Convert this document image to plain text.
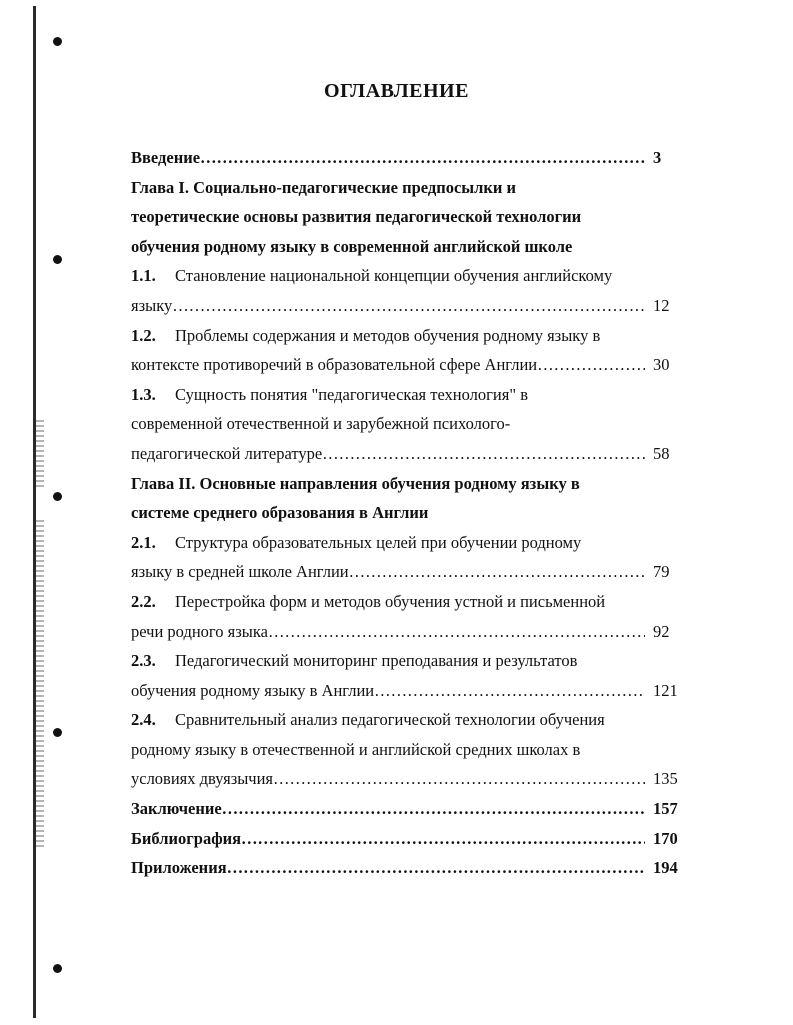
ОГЛАВЛЕНИЕ
Введение …………………………………………………………………………………………………………………………………………………………	3
Глава I. Социально-педагогические предпосылки и
теоретические основы развития педагогической технологии
обучения родному языку в современной английской школе
1.1. Становление национальной концепции обучения английскому
языку …………………………………………………………………………………………………………………………………………………………	12
1.2. Проблемы содержания и методов обучения родному языку в
контексте противоречий в образовательной сфере Англии …………………………………………………………………………………………………………………………………………………………	30
1.3. Сущность понятия "педагогическая технология" в
современной отечественной и зарубежной психолого-
педагогической литературе …………………………………………………………………………………………………………………………………………………………	58
Глава II. Основные направления обучения родному языку в
системе среднего образования в Англии
2.1. Структура образовательных целей при обучении родному
языку в средней школе Англии …………………………………………………………………………………………………………………………………………………………	79
2.2. Перестройка форм и методов обучения устной и письменной
речи родного языка …………………………………………………………………………………………………………………………………………………………	92
2.3. Педагогический мониторинг преподавания и результатов
обучения родному языку в Англии …………………………………………………………………………………………………………………………………………………………	121
2.4. Сравнительный анализ педагогической технологии обучения
родному языку в отечественной и английской средних школах в
условиях двуязычия …………………………………………………………………………………………………………………………………………………………	135
Заключение …………………………………………………………………………………………………………………………………………………………	157
Библиография …………………………………………………………………………………………………………………………………………………………	170
Приложения …………………………………………………………………………………………………………………………………………………………	194
